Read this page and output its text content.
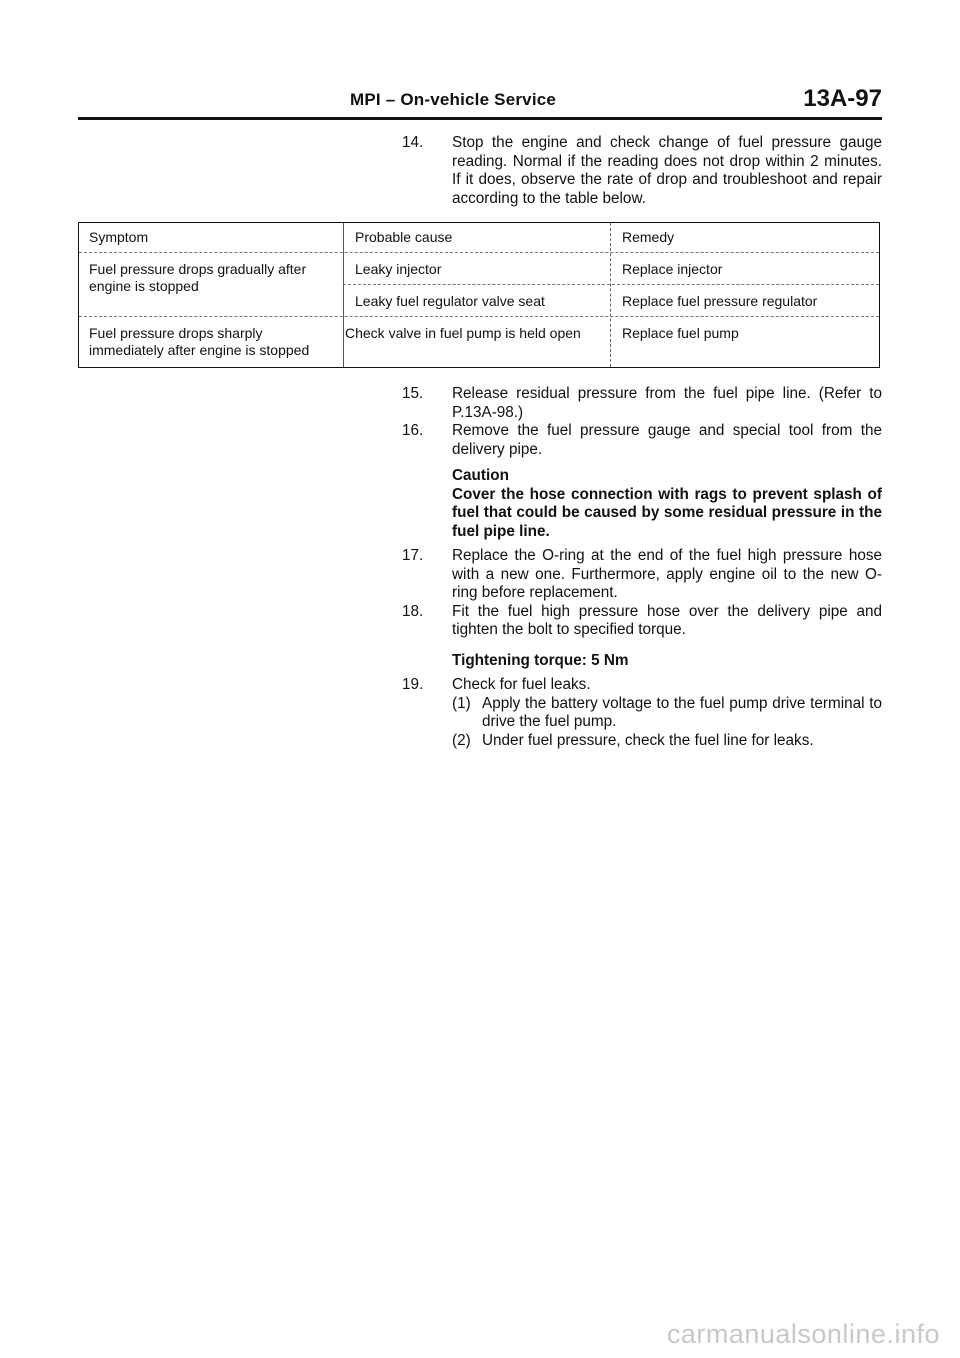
MPI – On-vehicle Service	13A-97
14.	Stop the engine and check change of fuel pressure gauge reading. Normal if the reading does not drop within 2 minutes. If it does, observe the rate of drop and troubleshoot and repair according to the table below.
Symptom	Probable cause	Remedy
Fuel pressure drops gradually after engine is stopped
Leaky injector	Replace injector
Leaky fuel regulator valve seat	Replace fuel pressure regulator
Fuel pressure drops sharply immediately after engine is stopped
Check valve in fuel pump is held open	Replace fuel pump
15.	Release residual pressure from the fuel pipe line. (Refer to P.13A-98.)
16.	Remove the fuel pressure gauge and special tool from the delivery pipe.
Caution
Cover the hose connection with rags to prevent splash of fuel that could be caused by some residual pressure in the fuel pipe line.
17.	Replace the O-ring at the end of the fuel high pressure hose with a new one. Furthermore, apply engine oil to the new O-ring before replacement.
18.	Fit the fuel high pressure hose over the delivery pipe and tighten the bolt to specified torque.
Tightening torque: 5 Nm
19.	Check for fuel leaks.
(1) Apply the battery voltage to the fuel pump drive terminal to drive the fuel pump.
(2) Under fuel pressure, check the fuel line for leaks.
carmanualsonline.info
